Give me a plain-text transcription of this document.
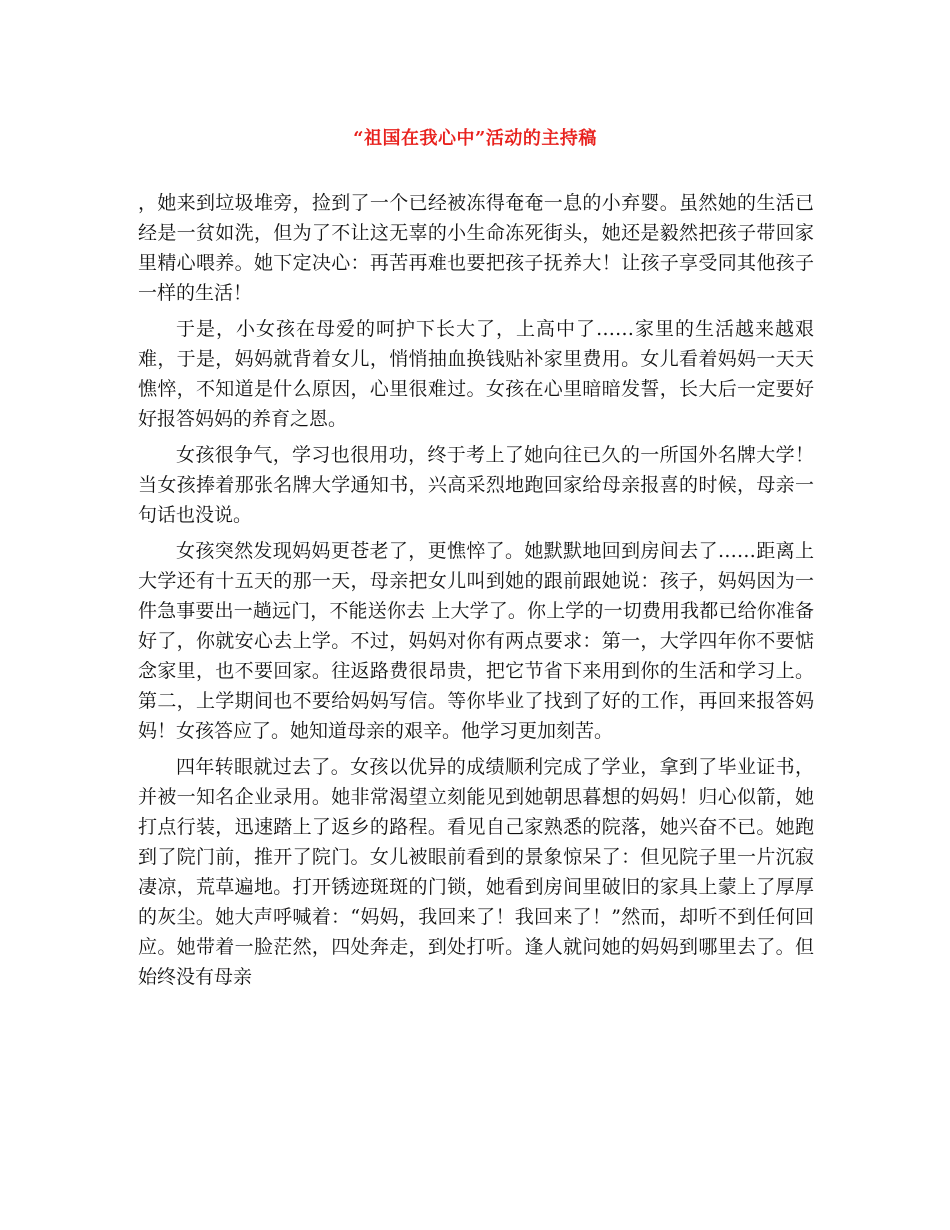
“祖国在我心中”活动的主持稿

，她来到垃圾堆旁，捡到了一个已经被冻得奄奄一息的小弃婴。虽然她的生活已经是一贫如洗，但为了不让这无辜的小生命冻死街头，她还是毅然把孩子带回家里精心喂养。她下定决心：再苦再难也要把孩子抚养大！让孩子享受同其他孩子一样的生活！

于是，小女孩在母爱的呵护下长大了，上高中了……家里的生活越来越艰难，于是，妈妈就背着女儿，悄悄抽血换钱贴补家里费用。女儿看着妈妈一天天憔悴，不知道是什么原因，心里很难过。女孩在心里暗暗发誓，长大后一定要好好报答妈妈的养育之恩。

女孩很争气，学习也很用功，终于考上了她向往已久的一所国外名牌大学！当女孩捧着那张名牌大学通知书，兴高采烈地跑回家给母亲报喜的时候，母亲一句话也没说。

女孩突然发现妈妈更苍老了，更憔悴了。她默默地回到房间去了……距离上大学还有十五天的那一天，母亲把女儿叫到她的跟前跟她说：孩子，妈妈因为一件急事要出一趟远门，不能送你去 上大学了。你上学的一切费用我都已给你准备好了，你就安心去上学。不过，妈妈对你有两点要求：第一，大学四年你不要惦念家里，也不要回家。往返路费很昂贵，把它节省下来用到你的生活和学习上。第二，上学期间也不要给妈妈写信。等你毕业了找到了好的工作，再回来报答妈妈！女孩答应了。她知道母亲的艰辛。他学习更加刻苦。

四年转眼就过去了。女孩以优异的成绩顺利完成了学业，拿到了毕业证书，并被一知名企业录用。她非常渴望立刻能见到她朝思暮想的妈妈！归心似箭，她打点行装，迅速踏上了返乡的路程。看见自己家熟悉的院落，她兴奋不已。她跑到了院门前，推开了院门。女儿被眼前看到的景象惊呆了：但见院子里一片沉寂凄凉，荒草遍地。打开锈迹斑斑的门锁，她看到房间里破旧的家具上蒙上了厚厚的灰尘。她大声呼喊着：“妈妈，我回来了！我回来了！”然而，却听不到任何回应。她带着一脸茫然，四处奔走，到处打听。逢人就问她的妈妈到哪里去了。但始终没有母亲
